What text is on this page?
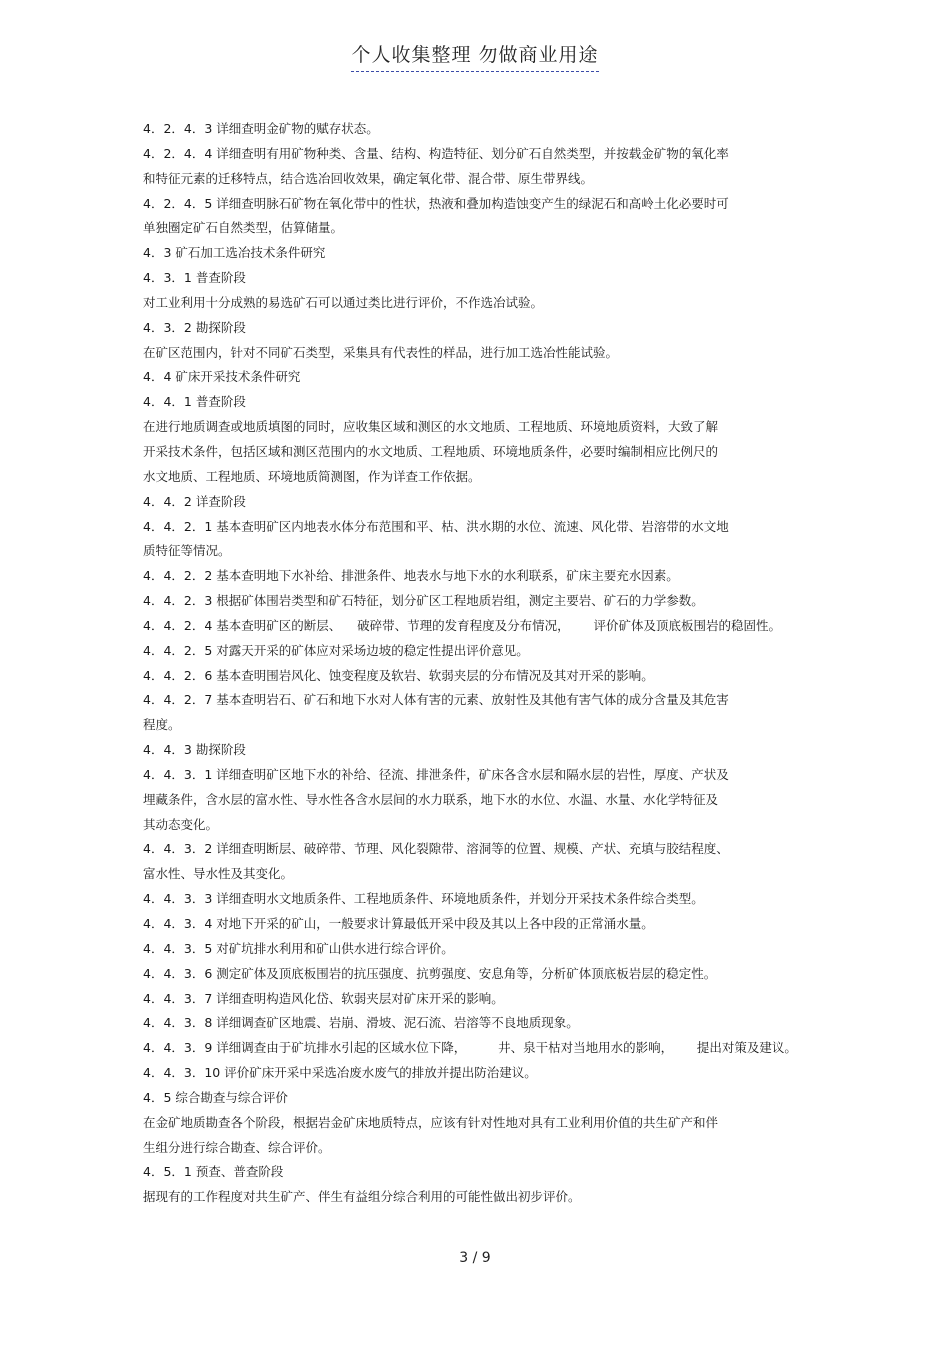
个人收集整理 勿做商业用途
4．2．4．3 详细查明金矿物的赋存状态。
4．2．4．4 详细查明有用矿物种类、含量、结构、构造特征、划分矿石自然类型，并按载金矿物的氧化率
和特征元素的迁移特点，结合选冶回收效果，确定氧化带、混合带、原生带界线。
4．2．4．5 详细查明脉石矿物在氧化带中的性状，热液和叠加构造蚀变产生的绿泥石和高岭土化必要时可
单独圈定矿石自然类型，估算储量。
4．3 矿石加工选冶技术条件研究
4．3．1 普查阶段
对工业利用十分成熟的易选矿石可以通过类比进行评价，不作选冶试验。
4．3．2 勘探阶段
在矿区范围内，针对不同矿石类型，采集具有代表性的样品，进行加工选冶性能试验。
4．4 矿床开采技术条件研究
4．4．1 普查阶段
在进行地质调查或地质填图的同时，应收集区域和测区的水文地质、工程地质、环境地质资料，大致了解
开采技术条件，包括区域和测区范围内的水文地质、工程地质、环境地质条件，必要时编制相应比例尺的
水文地质、工程地质、环境地质简测图，作为详查工作依据。
4．4．2 详查阶段
4．4．2．1 基本查明矿区内地表水体分布范围和平、枯、洪水期的水位、流速、风化带、岩溶带的水文地
质特征等情况。
4．4．2．2 基本查明地下水补给、排泄条件、地表水与地下水的水利联系，矿床主要充水因素。
4．4．2．3 根据矿体围岩类型和矿石特征，划分矿区工程地质岩组，测定主要岩、矿石的力学参数。
4．4．2．4 基本查明矿区的断层、    破碎带、节理的发育程度及分布情况，      评价矿体及顶底板围岩的稳固性。
4．4．2．5 对露天开采的矿体应对采场边坡的稳定性提出评价意见。
4．4．2．6 基本查明围岩风化、蚀变程度及软岩、软弱夹层的分布情况及其对开采的影响。
4．4．2．7 基本查明岩石、矿石和地下水对人体有害的元素、放射性及其他有害气体的成分含量及其危害
程度。
4．4．3 勘探阶段
4．4．3．1 详细查明矿区地下水的补给、径流、排泄条件，矿床各含水层和隔水层的岩性，厚度、产状及
埋藏条件，含水层的富水性、导水性各含水层间的水力联系，地下水的水位、水温、水量、水化学特征及
其动态变化。
4．4．3．2 详细查明断层、破碎带、节理、风化裂隙带、溶洞等的位置、规模、产状、充填与胶结程度、
富水性、导水性及其变化。
4．4．3．3 详细查明水文地质条件、工程地质条件、环境地质条件，并划分开采技术条件综合类型。
4．4．3．4 对地下开采的矿山，一般要求计算最低开采中段及其以上各中段的正常涌水量。
4．4．3．5 对矿坑排水利用和矿山供水进行综合评价。
4．4．3．6 测定矿体及顶底板围岩的抗压强度、抗剪强度、安息角等，分析矿体顶底板岩层的稳定性。
4．4．3．7 详细查明构造风化岱、软弱夹层对矿床开采的影响。
4．4．3．8 详细调查矿区地震、岩崩、滑坡、泥石流、岩溶等不良地质现象。
4．4．3．9 详细调查由于矿坑排水引起的区域水位下降，        井、泉干枯对当地用水的影响，      提出对策及建议。
4．4．3．10 评价矿床开采中采选冶废水废气的排放并提出防治建议。
4．5 综合勘查与综合评价
在金矿地质勘查各个阶段，根据岩金矿床地质特点，应该有针对性地对具有工业利用价值的共生矿产和伴
生组分进行综合勘查、综合评价。
4．5．1 预查、普查阶段
据现有的工作程度对共生矿产、伴生有益组分综合利用的可能性做出初步评价。
3 / 9
